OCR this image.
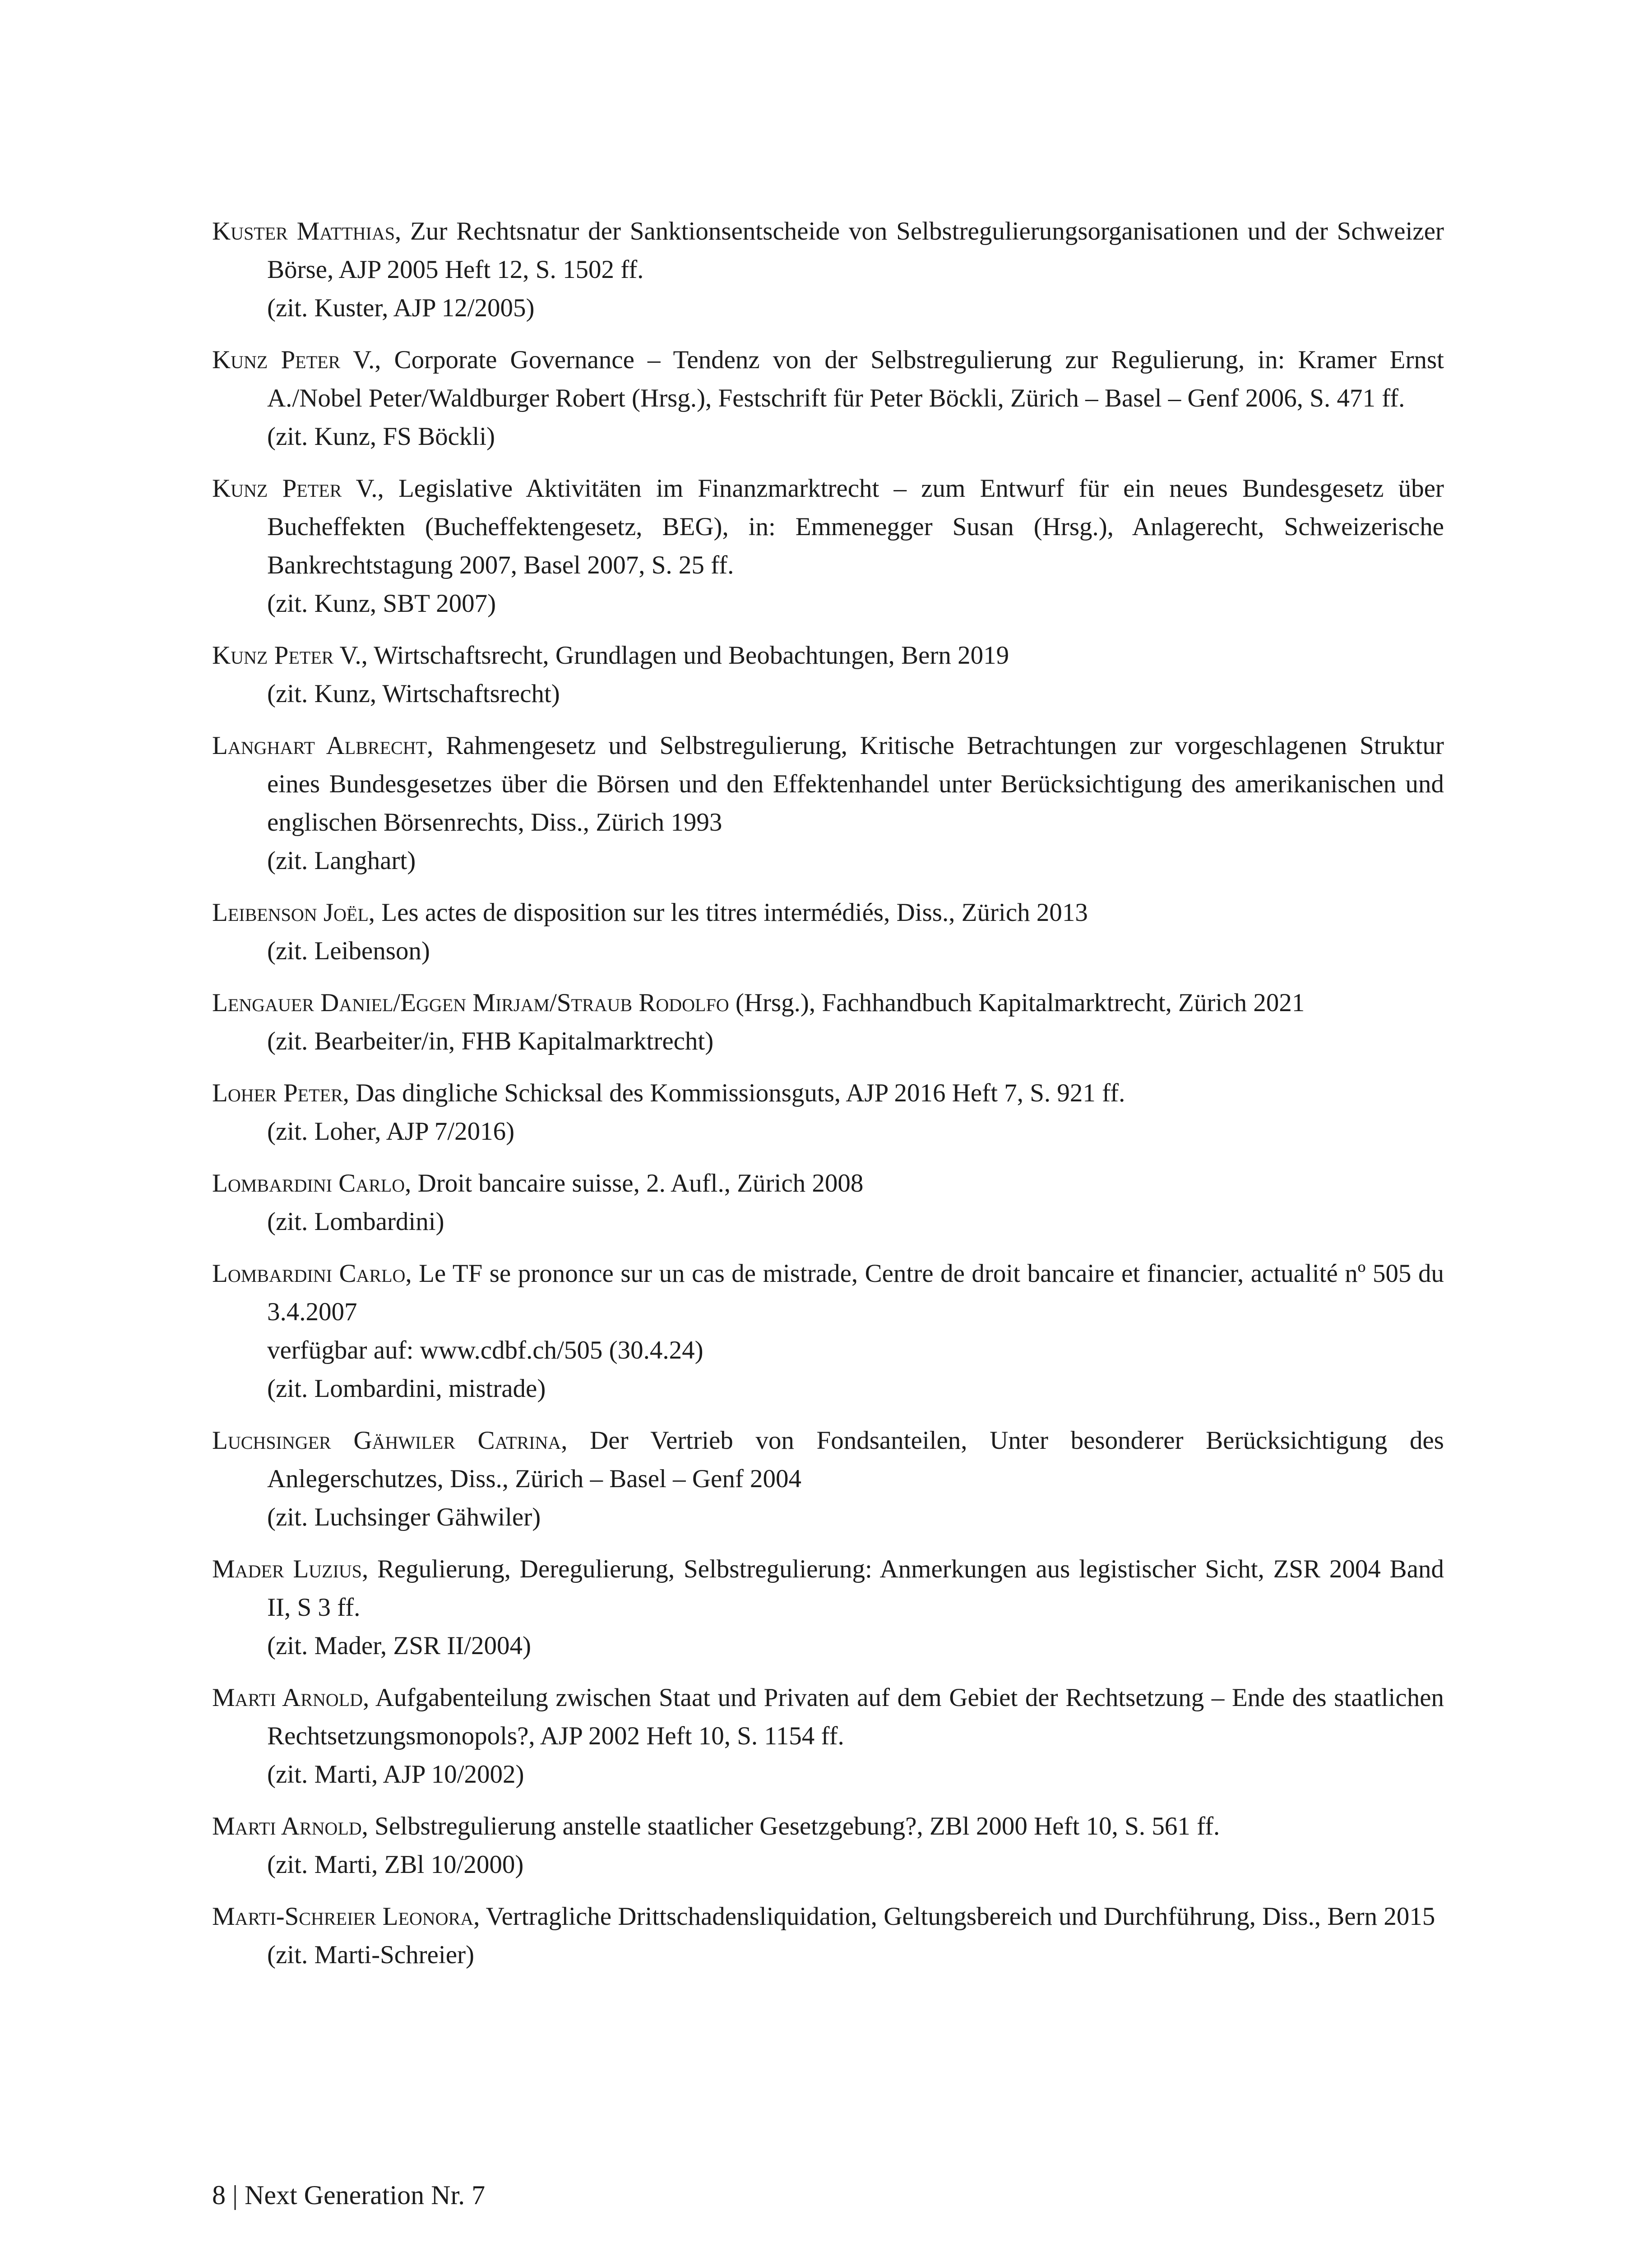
Kuster Matthias, Zur Rechtsnatur der Sanktionsentscheide von Selbstregulierungsorganisationen und der Schweizer Börse, AJP 2005 Heft 12, S. 1502 ff.

(zit. Kuster, AJP 12/2005)

Kunz Peter V., Corporate Governance – Tendenz von der Selbstregulierung zur Regulierung, in: Kramer Ernst A./Nobel Peter/Waldburger Robert (Hrsg.), Festschrift für Peter Böckli, Zürich – Basel – Genf 2006, S. 471 ff.

(zit. Kunz, FS Böckli)

Kunz Peter V., Legislative Aktivitäten im Finanzmarktrecht – zum Entwurf für ein neues Bundesgesetz über Bucheffekten (Bucheffektengesetz, BEG), in: Emmenegger Susan (Hrsg.), Anlagerecht, Schweizerische Bankrechtstagung 2007, Basel 2007, S. 25 ff.

(zit. Kunz, SBT 2007)

Kunz Peter V., Wirtschaftsrecht, Grundlagen und Beobachtungen, Bern 2019

(zit. Kunz, Wirtschaftsrecht)

Langhart Albrecht, Rahmengesetz und Selbstregulierung, Kritische Betrachtungen zur vorgeschlagenen Struktur eines Bundesgesetzes über die Börsen und den Effektenhandel unter Berücksichtigung des amerikanischen und englischen Börsenrechts, Diss., Zürich 1993

(zit. Langhart)

Leibenson Joël, Les actes de disposition sur les titres intermédiés, Diss., Zürich 2013

(zit. Leibenson)

Lengauer Daniel/Eggen Mirjam/Straub Rodolfo (Hrsg.), Fachhandbuch Kapitalmarktrecht, Zürich 2021

(zit. Bearbeiter/in, FHB Kapitalmarktrecht)

Loher Peter, Das dingliche Schicksal des Kommissionsguts, AJP 2016 Heft 7, S. 921 ff.

(zit. Loher, AJP 7/2016)

Lombardini Carlo, Droit bancaire suisse, 2. Aufl., Zürich 2008

(zit. Lombardini)

Lombardini Carlo, Le TF se prononce sur un cas de mistrade, Centre de droit bancaire et financier, actualité nº 505 du 3.4.2007

verfügbar auf: www.cdbf.ch/505 (30.4.24)
(zit. Lombardini, mistrade)

Luchsinger Gähwiler Catrina, Der Vertrieb von Fondsanteilen, Unter besonderer Berücksichtigung des Anlegerschutzes, Diss., Zürich – Basel – Genf 2004

(zit. Luchsinger Gähwiler)

Mader Luzius, Regulierung, Deregulierung, Selbstregulierung: Anmerkungen aus legistischer Sicht, ZSR 2004 Band II, S 3 ff.

(zit. Mader, ZSR II/2004)

Marti Arnold, Aufgabenteilung zwischen Staat und Privaten auf dem Gebiet der Rechtsetzung – Ende des staatlichen Rechtsetzungsmonopols?, AJP 2002 Heft 10, S. 1154 ff.

(zit. Marti, AJP 10/2002)

Marti Arnold, Selbstregulierung anstelle staatlicher Gesetzgebung?, ZBl 2000 Heft 10, S. 561 ff.

(zit. Marti, ZBl 10/2000)

Marti-Schreier Leonora, Vertragliche Drittschadensliquidation, Geltungsbereich und Durchführung, Diss., Bern 2015

(zit. Marti-Schreier)
8 | Next Generation Nr. 7
